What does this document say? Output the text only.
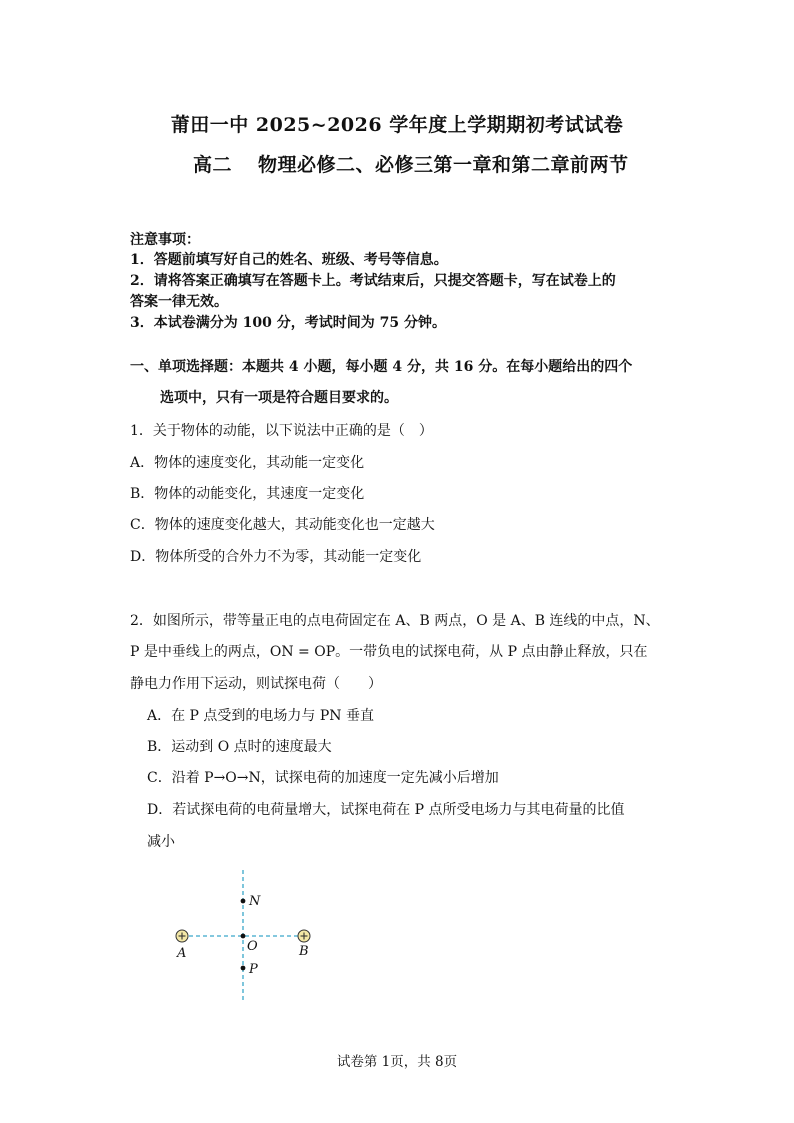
莆田一中 2025~2026 学年度上学期期初考试试卷
高二 物理必修二、必修三第一章和第二章前两节
注意事项：
1．答题前填写好自己的姓名、班级、考号等信息。
2．请将答案正确填写在答题卡上。考试结束后，只提交答题卡，写在试卷上的
答案一律无效。
3．本试卷满分为 100 分，考试时间为 75 分钟。
一、单项选择题：本题共 4 小题，每小题 4 分，共 16 分。在每小题给出的四个
选项中，只有一项是符合题目要求的。
1．关于物体的动能，以下说法中正确的是（　）
A．物体的速度变化，其动能一定变化
B．物体的动能变化，其速度一定变化
C．物体的速度变化越大，其动能变化也一定越大
D．物体所受的合外力不为零，其动能一定变化
2．如图所示，带等量正电的点电荷固定在 A、B 两点，O 是 A、B 连线的中点，N、
P 是中垂线上的两点，ON = OP。一带负电的试探电荷，从 P 点由静止释放，只在
静电力作用下运动，则试探电荷（　　）
A．在 P 点受到的电场力与 PN 垂直
B．运动到 O 点时的速度最大
C．沿着 P→O→N，试探电荷的加速度一定先减小后增加
D．若试探电荷的电荷量增大，试探电荷在 P 点所受电场力与其电荷量的比值
减小
N
O
P
A	B
试卷第 1页，共 8页
